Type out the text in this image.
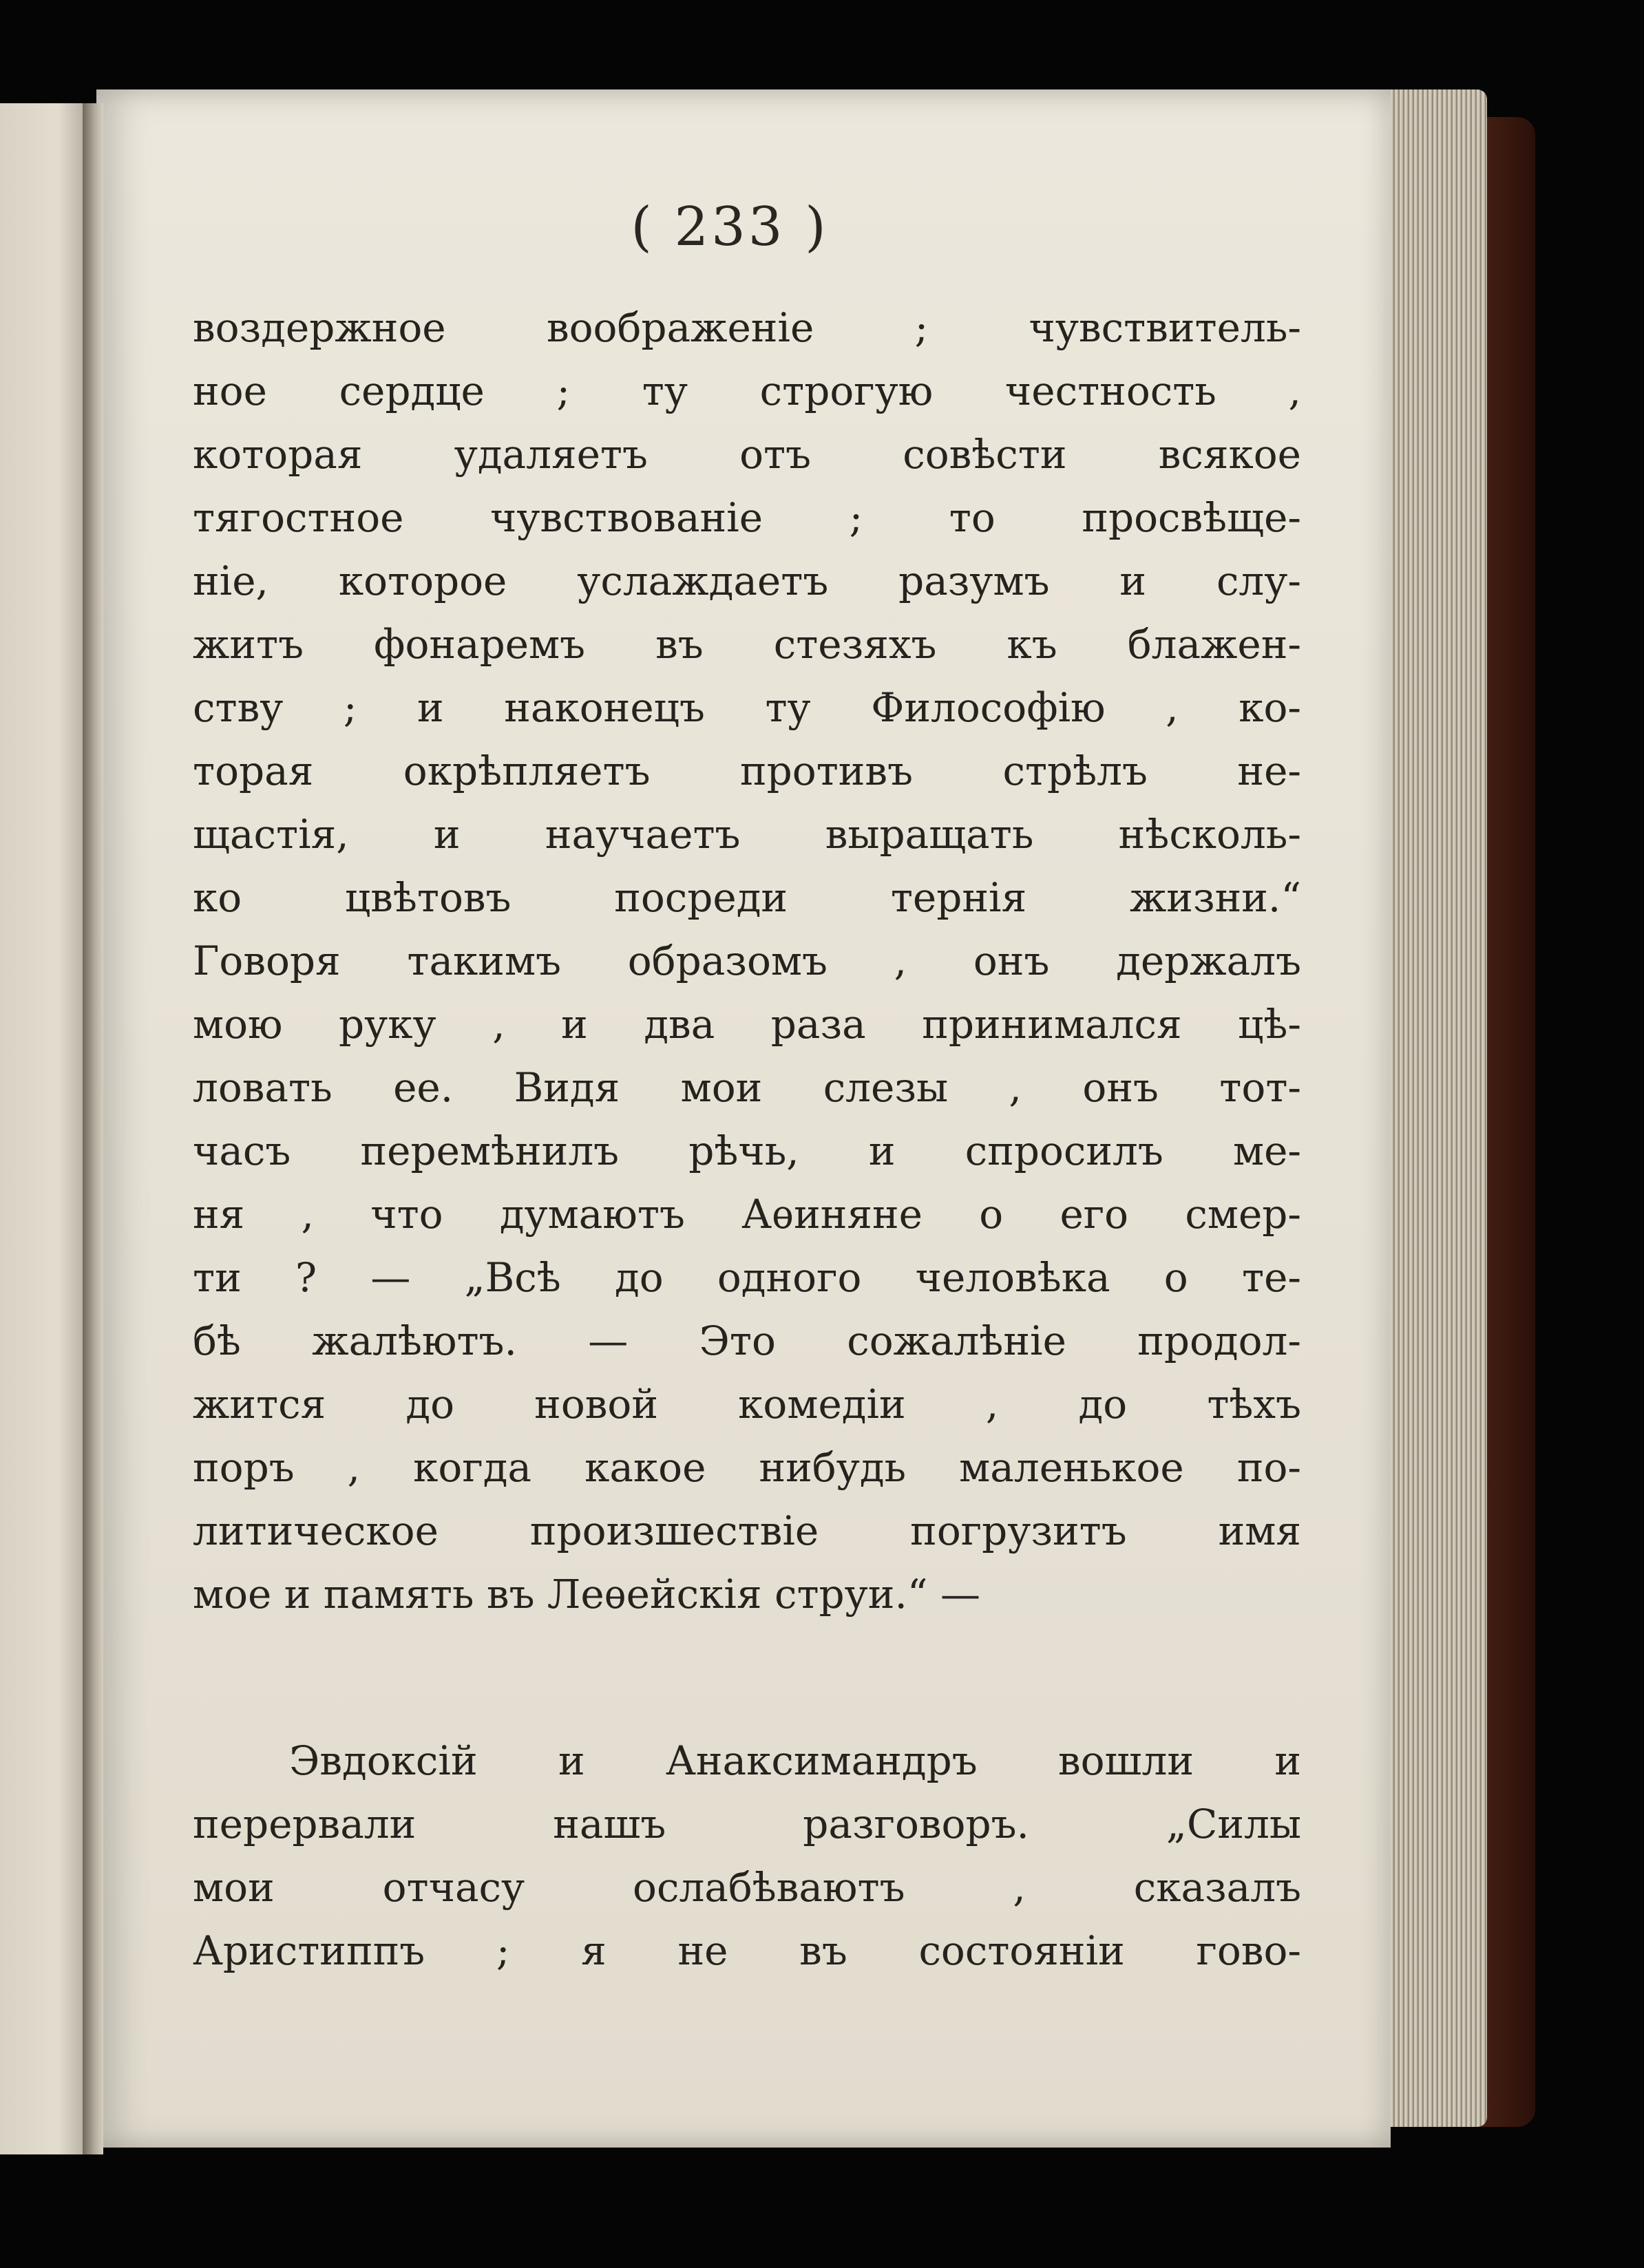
( 233 )
воздержное воображеніе ; чувствитель-
ное сердце ; ту строгую честность ,
которая удаляетъ отъ совѣсти всякое
тягостное чувствованіе ; то просвѣще-
ніе, которое услаждаетъ разумъ и слу-
житъ фонаремъ въ стезяхъ къ блажен-
ству ; и наконецъ ту Философію , ко-
торая окрѣпляетъ противъ стрѣлъ не-
щастія, и научаетъ выращать нѣсколь-
ко цвѣтовъ посреди тернія жизни.“
Говоря такимъ образомъ , онъ держалъ
мою руку , и два раза принимался цѣ-
ловать ее. Видя мои слезы , онъ тот-
часъ перемѣнилъ рѣчь, и спросилъ ме-
ня , что думаютъ Аѳиняне о его смер-
ти ? — „Всѣ до одного человѣка о те-
бѣ жалѣютъ. — Это сожалѣніе продол-
жится до новой комедіи , до тѣхъ
поръ , когда какое нибудь маленькое по-
литическое произшествіе погрузитъ имя
мое и память въ Леѳейскія струи.“ —
Эвдоксій и Анаксимандръ вошли и
перервали нашъ разговоръ. „Силы
мои отчасу ослабѣваютъ , сказалъ
Аристиппъ ; я не въ состояніи гово-
